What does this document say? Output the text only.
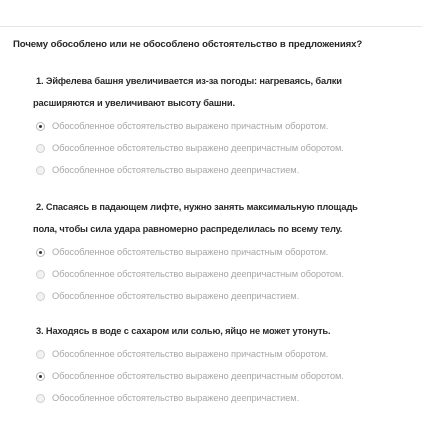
Почему обособлено или не обособлено обстоятельство в предложениях?
1. Эйфелева башня увеличивается из-за погоды: нагреваясь, балки
расширяются и увеличивают высоту башни.
Обособленное обстоятельство выражено причастным оборотом.
Обособленное обстоятельство выражено деепричастным оборотом.
Обособленное обстоятельство выражено деепричастием.
2. Спасаясь в падающем лифте, нужно занять максимальную площадь
пола, чтобы сила удара равномерно распределилась по всему телу.
Обособленное обстоятельство выражено причастным оборотом.
Обособленное обстоятельство выражено деепричастным оборотом.
Обособленное обстоятельство выражено деепричастием.
3. Находясь в воде с сахаром или солью, яйцо не может утонуть.
Обособленное обстоятельство выражено причастным оборотом.
Обособленное обстоятельство выражено деепричастным оборотом.
Обособленное обстоятельство выражено деепричастием.
